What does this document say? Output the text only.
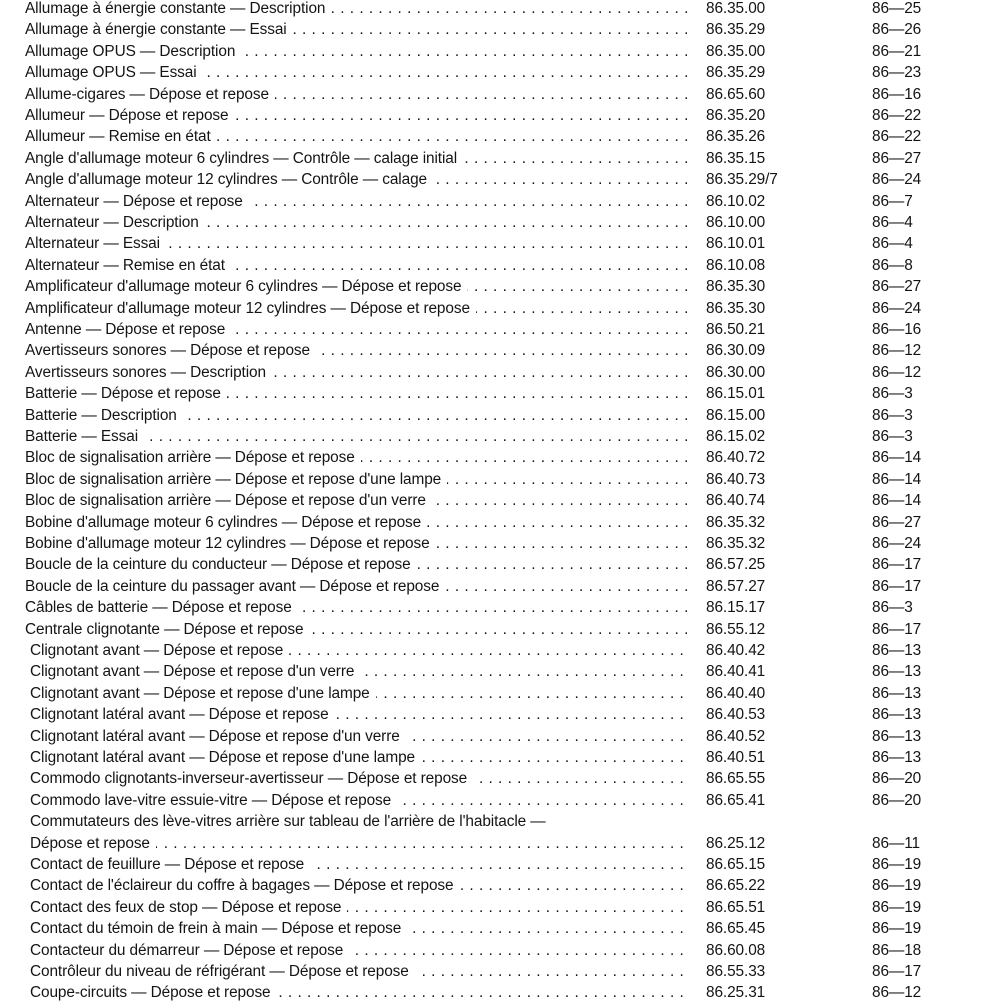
Allumage à énergie constante — Description . . .	86.35.00	86—25
Allumage à énergie constante — Essai . . .	86.35.29	86—26
Allumage OPUS — Description . . .	86.35.00	86—21
Allumage OPUS — Essai . . .	86.35.29	86—23
Allume-cigares — Dépose et repose . . .	86.65.60	86—16
Allumeur — Dépose et repose . . .	86.35.20	86—22
Allumeur — Remise en état . . .	86.35.26	86—22
Angle d'allumage moteur 6 cylindres — Contrôle — calage initial . . .	86.35.15	86—27
Angle d'allumage moteur 12 cylindres — Contrôle — calage . . .	86.35.29/7	86—24
Alternateur — Dépose et repose . . .	86.10.02	86—7
Alternateur — Description . . .	86.10.00	86—4
Alternateur — Essai . . .	86.10.01	86—4
Alternateur — Remise en état . . .	86.10.08	86—8
Amplificateur d'allumage moteur 6 cylindres — Dépose et repose . . .	86.35.30	86—27
Amplificateur d'allumage moteur 12 cylindres — Dépose et repose . . .	86.35.30	86—24
Antenne — Dépose et repose . . .	86.50.21	86—16
Avertisseurs sonores — Dépose et repose . . .	86.30.09	86—12
Avertisseurs sonores — Description . . .	86.30.00	86—12
Batterie — Dépose et repose . . .	86.15.01	86—3
Batterie — Description . . .	86.15.00	86—3
Batterie — Essai . . .	86.15.02	86—3
Bloc de signalisation arrière — Dépose et repose . . .	86.40.72	86—14
Bloc de signalisation arrière — Dépose et repose d'une lampe . . .	86.40.73	86—14
Bloc de signalisation arrière — Dépose et repose d'un verre . . .	86.40.74	86—14
Bobine d'allumage moteur 6 cylindres — Dépose et repose . . .	86.35.32	86—27
Bobine d'allumage moteur 12 cylindres — Dépose et repose . . .	86.35.32	86—24
Boucle de la ceinture du conducteur — Dépose et repose . . .	86.57.25	86—17
Boucle de la ceinture du passager avant — Dépose et repose . . .	86.57.27	86—17
Câbles de batterie — Dépose et repose . . .	86.15.17	86—3
Centrale clignotante — Dépose et repose . . .	86.55.12	86—17
Clignotant avant — Dépose et repose . . .	86.40.42	86—13
Clignotant avant — Dépose et repose d'un verre . . .	86.40.41	86—13
Clignotant avant — Dépose et repose d'une lampe . . .	86.40.40	86—13
Clignotant latéral avant — Dépose et repose . . .	86.40.53	86—13
Clignotant latéral avant — Dépose et repose d'un verre . . .	86.40.52	86—13
Clignotant latéral avant — Dépose et repose d'une lampe . . .	86.40.51	86—13
Commodo clignotants-inverseur-avertisseur — Dépose et repose . . .	86.65.55	86—20
Commodo lave-vitre essuie-vitre — Dépose et repose . . .	86.65.41	86—20
Commutateurs des lève-vitres arrière sur tableau de l'arrière de l'habitacle —
Dépose et repose . . .	86.25.12	86—11
Contact de feuillure — Dépose et repose . . .	86.65.15	86—19
Contact de l'éclaireur du coffre à bagages — Dépose et repose . . .	86.65.22	86—19
Contact des feux de stop — Dépose et repose . . .	86.65.51	86—19
Contact du témoin de frein à main — Dépose et repose . . .	86.65.45	86—19
Contacteur du démarreur — Dépose et repose . . .	86.60.08	86—18
Contrôleur du niveau de réfrigérant — Dépose et repose . . .	86.55.33	86—17
Coupe-circuits — Dépose et repose . . .	86.25.31	86—12
